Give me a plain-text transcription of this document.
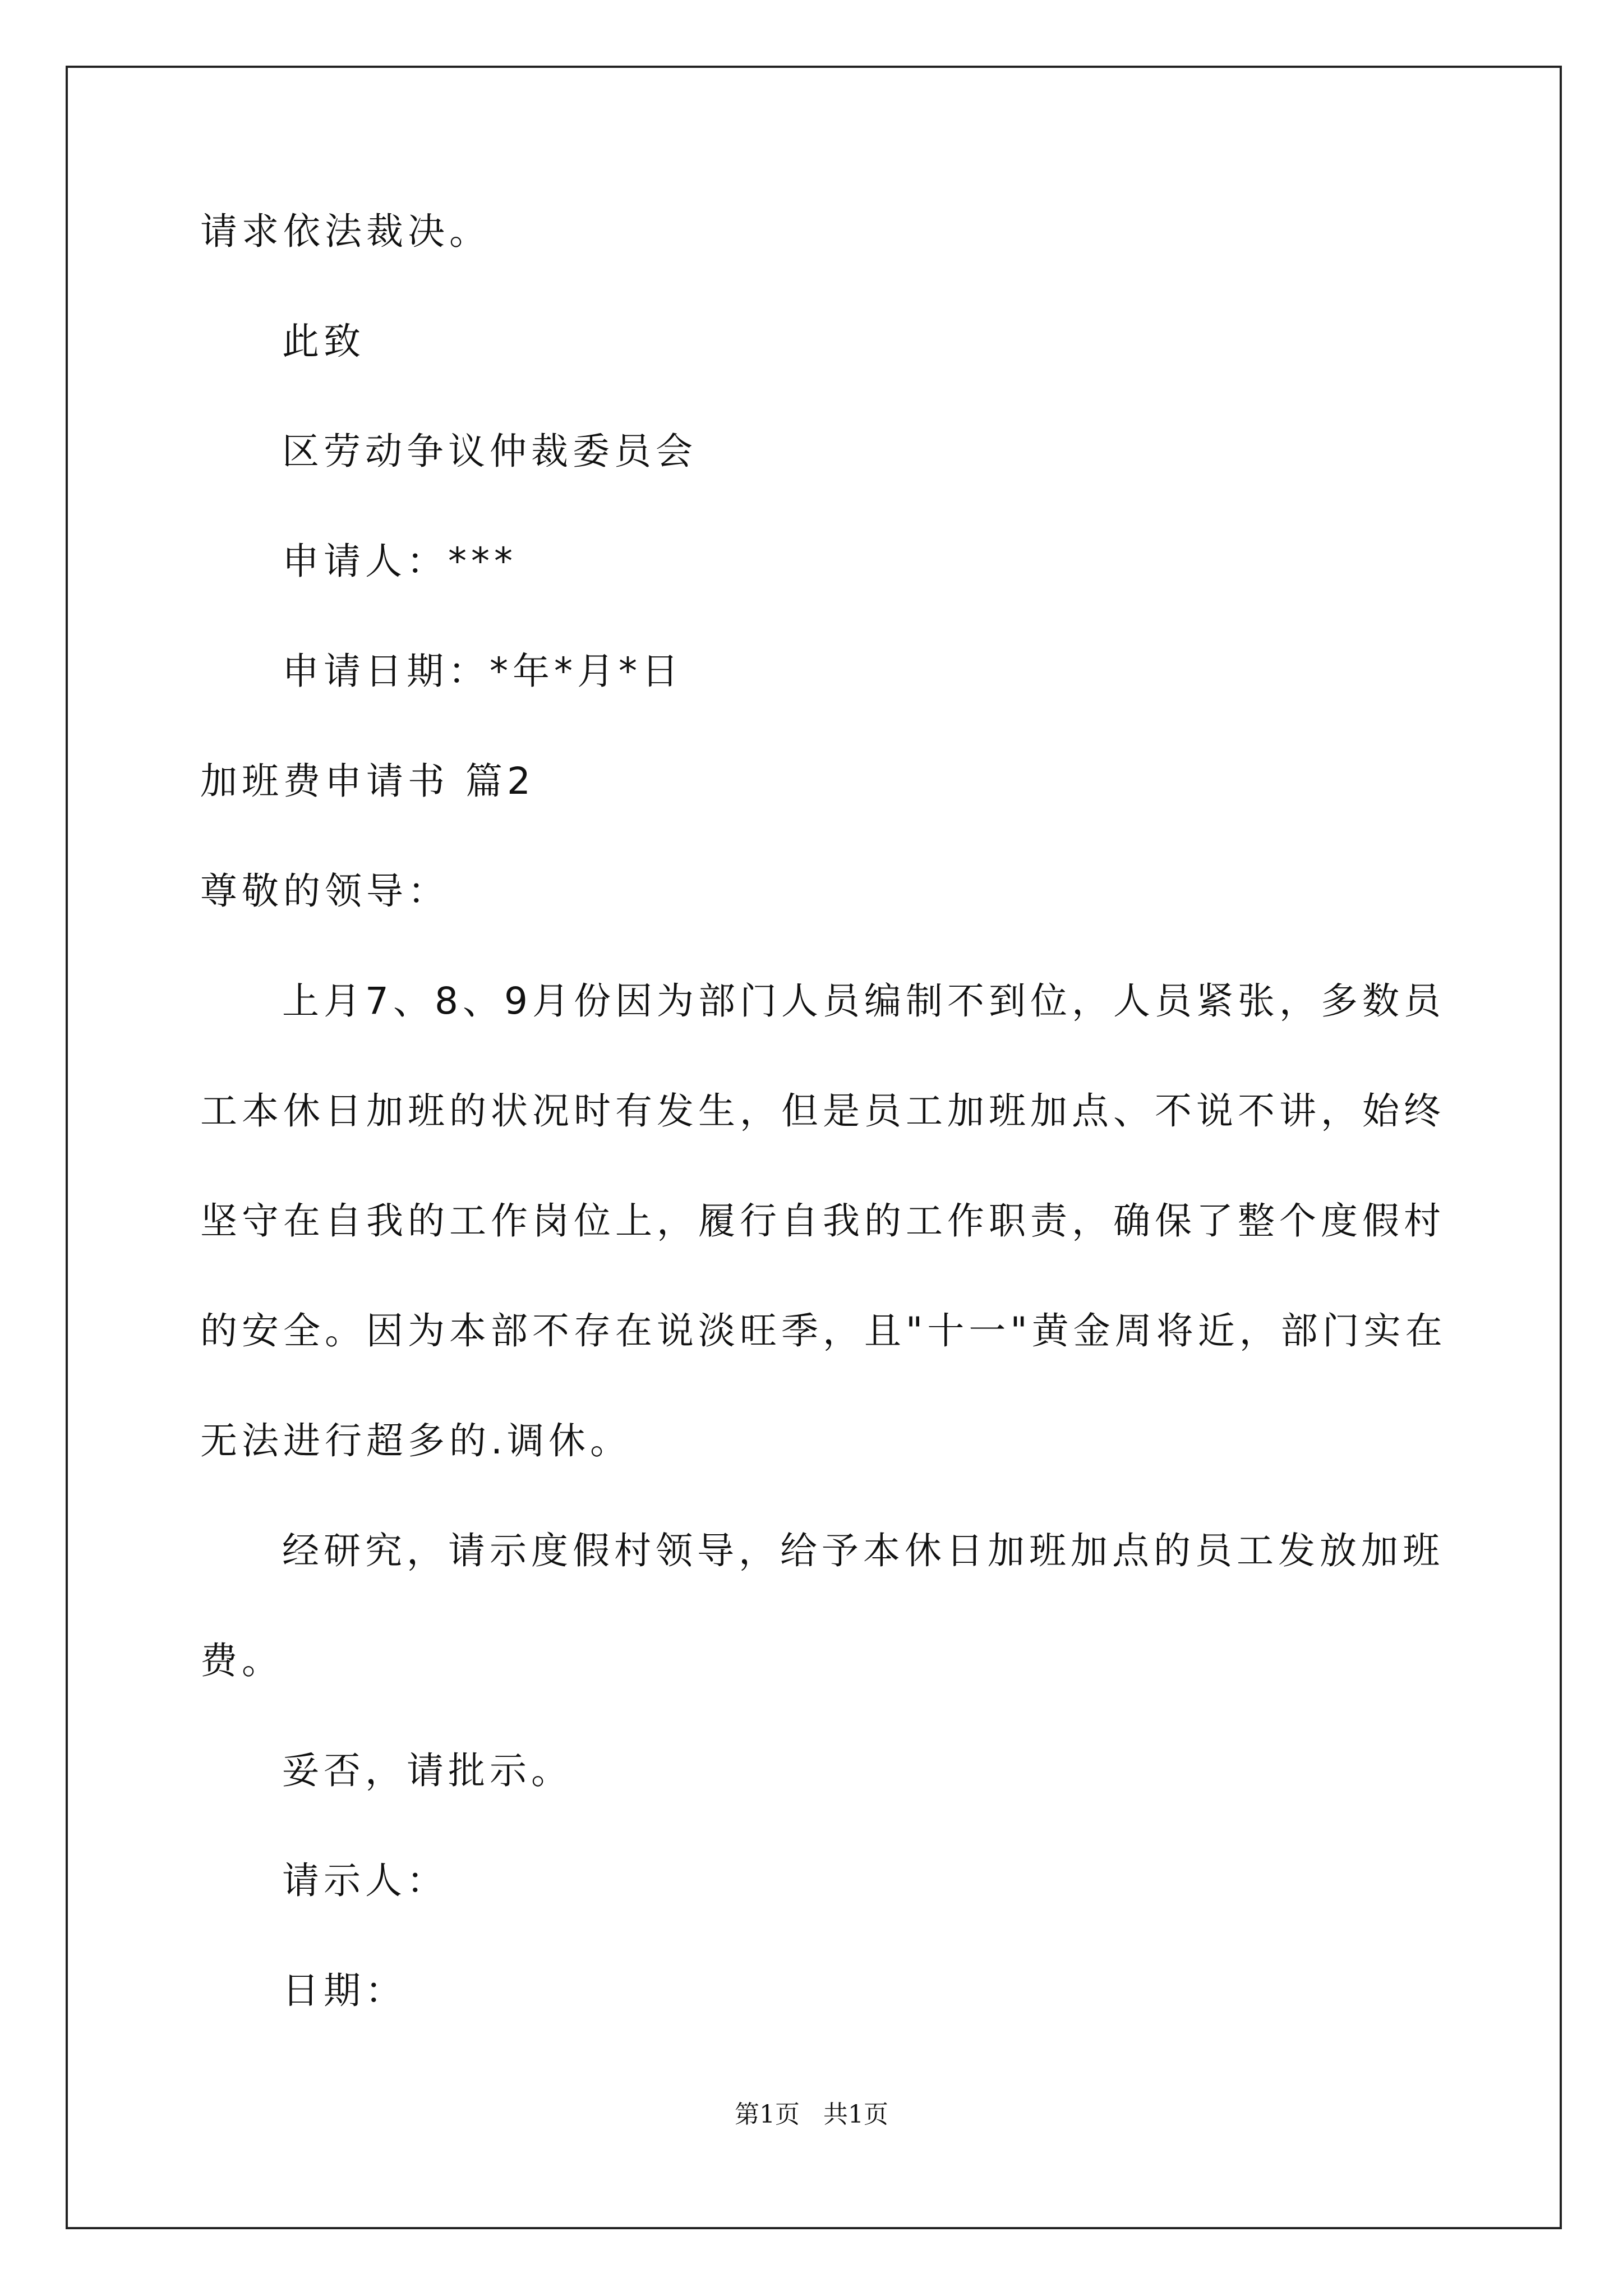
请求依法裁决。
此致
区劳动争议仲裁委员会
申请人：***
申请日期：*年*月*日
加班费申请书 篇2
尊敬的领导：
上月7、8、9月份因为部门人员编制不到位，人员紧张，多数员
工本休日加班的状况时有发生，但是员工加班加点、不说不讲，始终
坚守在自我的工作岗位上，履行自我的工作职责，确保了整个度假村
的安全。因为本部不存在说淡旺季，且"十一"黄金周将近，部门实在
无法进行超多的.调休。
经研究，请示度假村领导，给予本休日加班加点的员工发放加班
费。
妥否，请批示。
请示人：
日期：
第1页   共1页
